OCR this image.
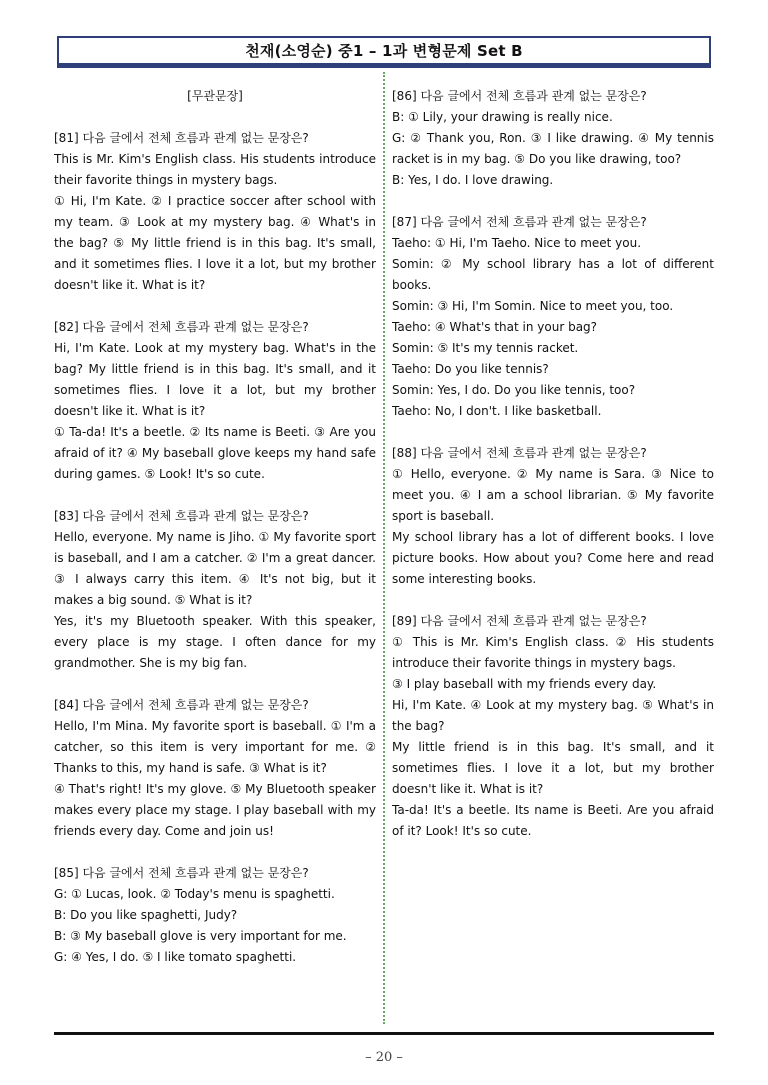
천재(소영순) 중1 – 1과 변형문제 Set B
[무관문장]

[81] 다음 글에서 전체 흐름과 관계 없는 문장은?

This is Mr. Kim's English class. His students introduce their favorite things in mystery bags.

① Hi, I'm Kate. ② I practice soccer after school with my team. ③ Look at my mystery bag. ④ What's in the bag? ⑤ My little friend is in this bag. It's small, and it sometimes flies. I love it a lot, but my brother doesn't like it. What is it?

[82] 다음 글에서 전체 흐름과 관계 없는 문장은?

Hi, I'm Kate. Look at my mystery bag. What's in the bag? My little friend is in this bag. It's small, and it sometimes flies. I love it a lot, but my brother doesn't like it. What is it?

① Ta-da! It's a beetle. ② Its name is Beeti. ③ Are you afraid of it? ④ My baseball glove keeps my hand safe during games. ⑤ Look! It's so cute.

[83] 다음 글에서 전체 흐름과 관계 없는 문장은?

Hello, everyone. My name is Jiho. ① My favorite sport is baseball, and I am a catcher. ② I'm a great dancer. ③ I always carry this item. ④ It's not big, but it makes a big sound. ⑤ What is it?

Yes, it's my Bluetooth speaker. With this speaker, every place is my stage. I often dance for my grandmother. She is my big fan.

[84] 다음 글에서 전체 흐름과 관계 없는 문장은?

Hello, I'm Mina. My favorite sport is baseball. ① I'm a catcher, so this item is very important for me. ② Thanks to this, my hand is safe. ③ What is it?

④ That's right! It's my glove. ⑤ My Bluetooth speaker makes every place my stage. I play baseball with my friends every day. Come and join us!

[85] 다음 글에서 전체 흐름과 관계 없는 문장은?

G: ① Lucas, look. ② Today's menu is spaghetti.

B: Do you like spaghetti, Judy?

B: ③ My baseball glove is very important for me.

G: ④ Yes, I do. ⑤ I like tomato spaghetti.

[86] 다음 글에서 전체 흐름과 관계 없는 문장은?

B: ① Lily, your drawing is really nice.

G: ② Thank you, Ron. ③ I like drawing. ④ My tennis racket is in my bag. ⑤ Do you like drawing, too?

B: Yes, I do. I love drawing.

[87] 다음 글에서 전체 흐름과 관계 없는 문장은?

Taeho: ① Hi, I'm Taeho. Nice to meet you.

Somin: ② My school library has a lot of different books.

Somin: ③ Hi, I'm Somin. Nice to meet you, too.

Taeho: ④ What's that in your bag?

Somin: ⑤ It's my tennis racket.

Taeho: Do you like tennis?

Somin: Yes, I do. Do you like tennis, too?

Taeho: No, I don't. I like basketball.

[88] 다음 글에서 전체 흐름과 관계 없는 문장은?

① Hello, everyone. ② My name is Sara. ③ Nice to meet you. ④ I am a school librarian. ⑤ My favorite sport is baseball.

My school library has a lot of different books. I love picture books. How about you? Come here and read some interesting books.

[89] 다음 글에서 전체 흐름과 관계 없는 문장은?

① This is Mr. Kim's English class. ② His students introduce their favorite things in mystery bags.

③ I play baseball with my friends every day.

Hi, I'm Kate. ④ Look at my mystery bag. ⑤ What's in the bag?

My little friend is in this bag. It's small, and it sometimes flies. I love it a lot, but my brother doesn't like it. What is it?

Ta-da! It's a beetle. Its name is Beeti. Are you afraid of it? Look! It's so cute.

– 20 –
